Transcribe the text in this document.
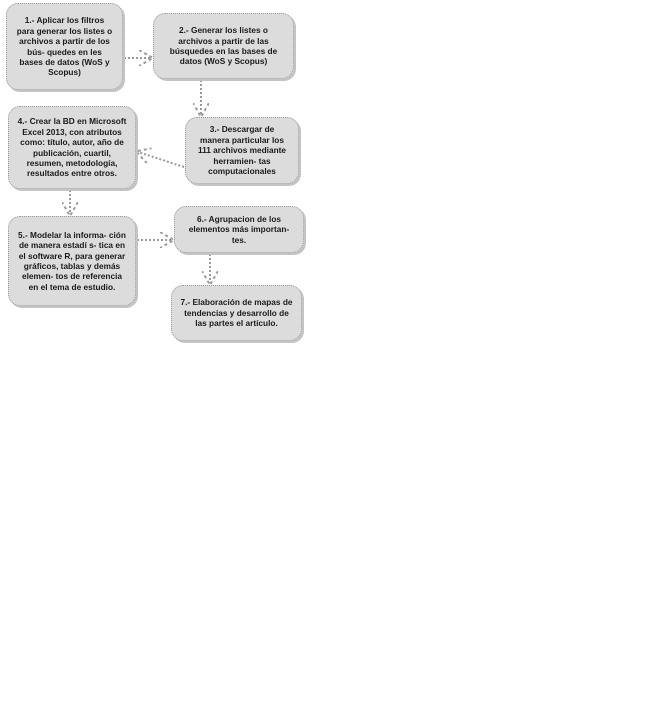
1.- Aplicar los filtros para generar los listes o archivos a partir de los bús- quedes en les bases de datos (WoS y Scopus)
2.- Generar los listes o archivos a partir de las búsquedes en las bases de datos (WoS y Scopus)
3.- Descargar de manera particular los 111 archivos mediante herramien- tas computacionales
4.- Crear la BD en Microsoft Excel 2013, con atributos como: título, autor, año de publicación, cuartil, resumen, metodología, resultados entre otros.
5.- Modelar la informa- ción de manera estadí s- tica en el software R, para generar gráficos, tablas y demás elemen- tos de referencia en el tema de estudio.
6.- Agrupacion de los elementos más importan- tes.
7.- Elaboración de mapas de tendencias y desarrollo de las partes el artículo.
